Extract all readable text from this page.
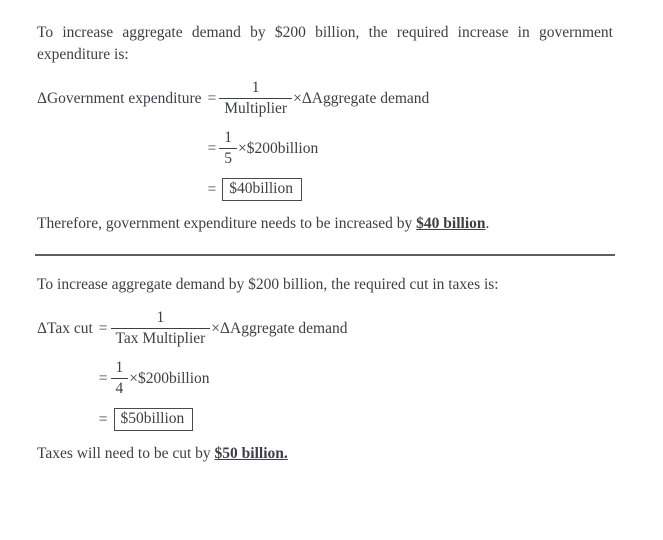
To increase aggregate demand by $200 billion, the required increase in government expenditure is:

ΔGovernment expenditure = $\frac{1}{\text{Multiplier}}$ ×ΔAggregate demand
= $\frac{1}{5}$ ×$200billion
= $40billion

Therefore, government expenditure needs to be increased by $40 billion.

To increase aggregate demand by $200 billion, the required cut in taxes is:

ΔTax cut = $\frac{1}{\text{Tax Multiplier}}$ ×ΔAggregate demand
= $\frac{1}{4}$ ×$200billion
= $50billion

Taxes will need to be cut by $50 billion.
